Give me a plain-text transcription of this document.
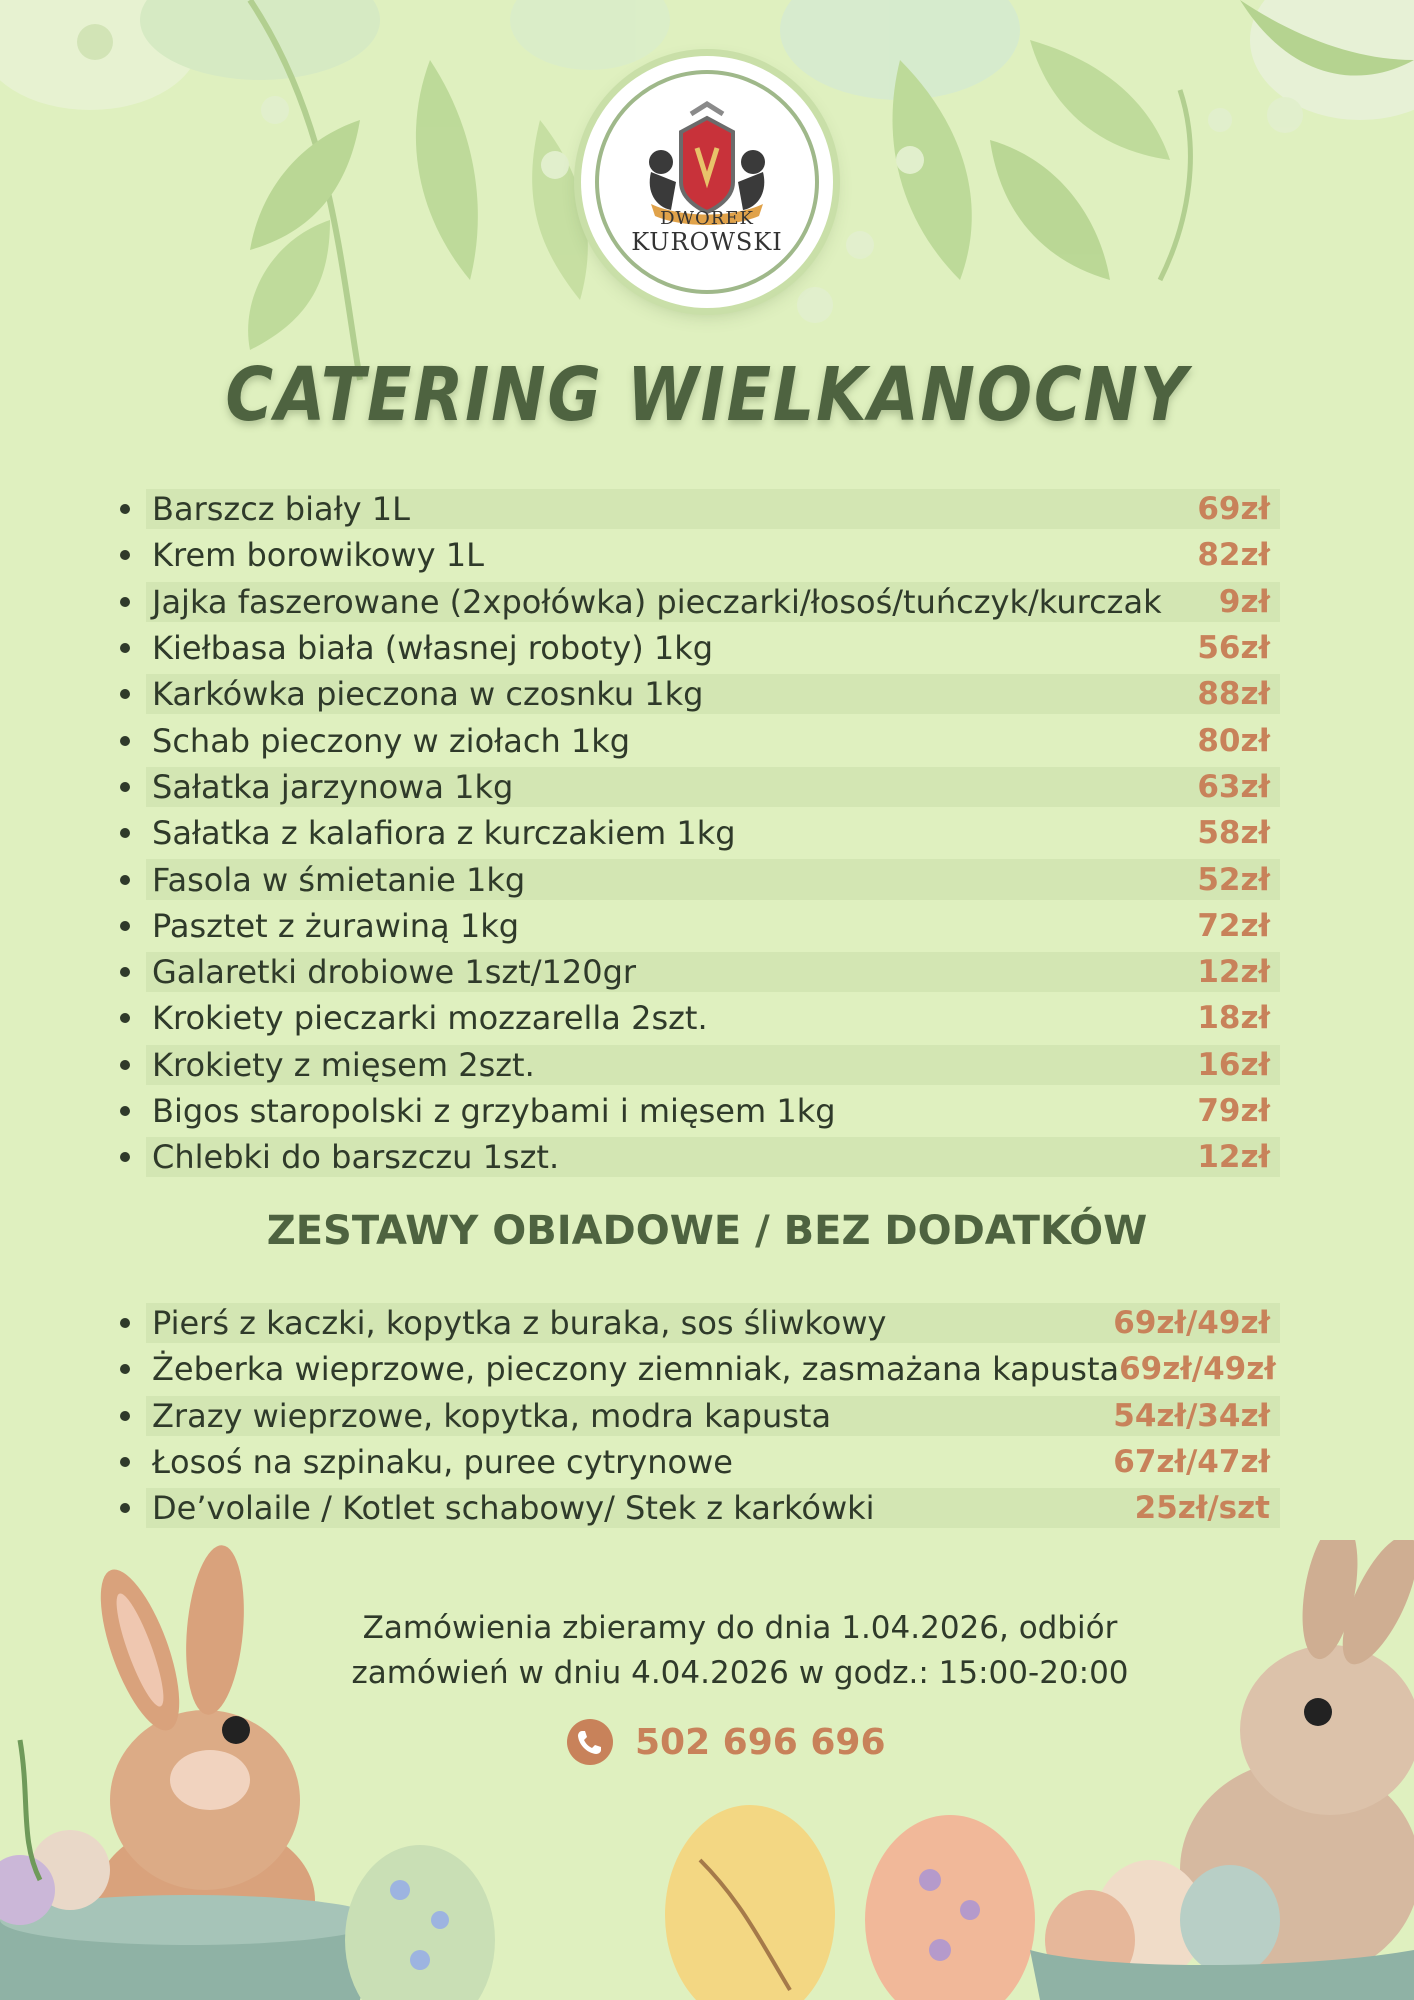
DWOREK
KUROWSKI
CATERING WIELKANOCNY
Barszcz biały 1L	69zł
Krem borowikowy 1L	82zł
Jajka faszerowane (2xpołówka) pieczarki/łosoś/tuńczyk/kurczak	9zł
Kiełbasa biała (własnej roboty) 1kg	56zł
Karkówka pieczona w czosnku 1kg	88zł
Schab pieczony w ziołach 1kg	80zł
Sałatka jarzynowa 1kg	63zł
Sałatka z kalafiora z kurczakiem 1kg	58zł
Fasola w śmietanie 1kg	52zł
Pasztet z żurawiną 1kg	72zł
Galaretki drobiowe 1szt/120gr	12zł
Krokiety pieczarki mozzarella 2szt.	18zł
Krokiety z mięsem 2szt.	16zł
Bigos staropolski z grzybami i mięsem 1kg	79zł
Chlebki do barszczu 1szt.	12zł
ZESTAWY OBIADOWE / BEZ DODATKÓW
Pierś z kaczki, kopytka z buraka, sos śliwkowy	69zł/49zł
Żeberka wieprzowe, pieczony ziemniak, zasmażana kapusta 69zł/49zł
Zrazy wieprzowe, kopytka, modra kapusta	54zł/34zł
Łosoś na szpinaku, puree cytrynowe	67zł/47zł
De’volaile / Kotlet schabowy/ Stek z karkówki	25zł/szt
Zamówienia zbieramy do dnia 1.04.2026, odbiór
zamówień w dniu 4.04.2026 w godz.: 15:00-20:00
502 696 696
